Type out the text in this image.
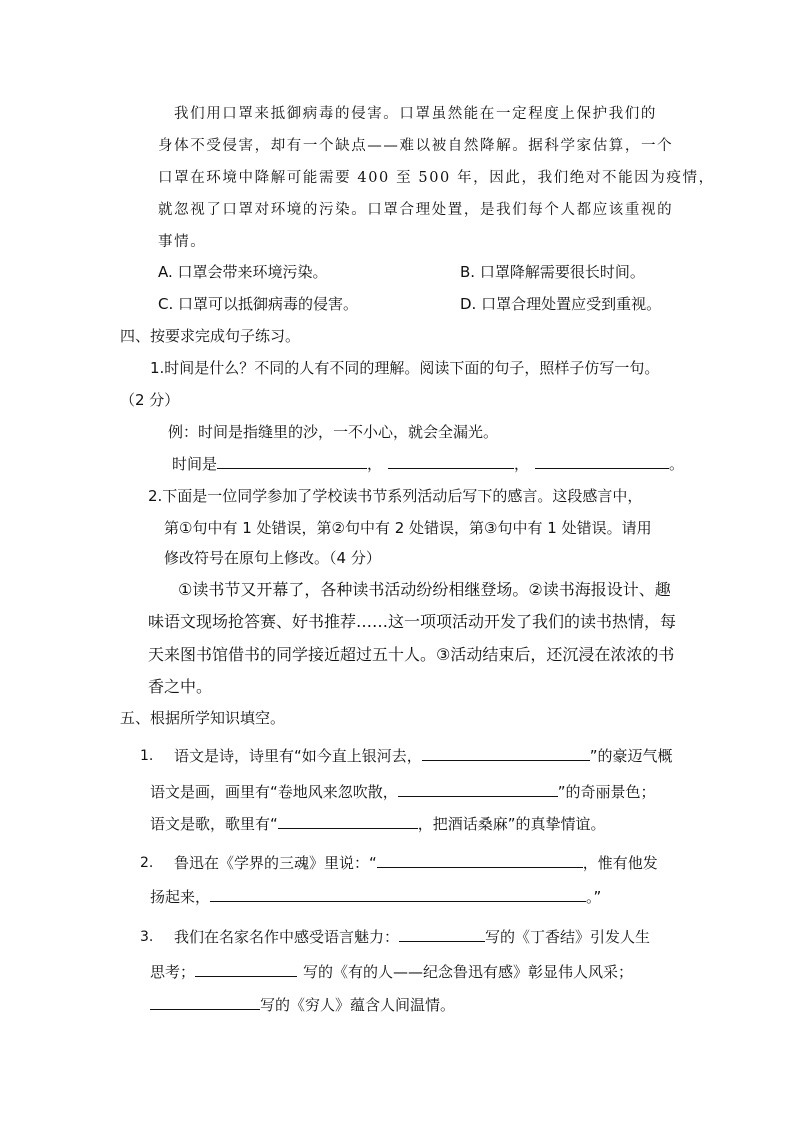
我们用口罩来抵御病毒的侵害。口罩虽然能在一定程度上保护我们的
身体不受侵害，却有一个缺点——难以被自然降解。据科学家估算，一个
口罩在环境中降解可能需要 400 至 500 年，因此，我们绝对不能因为疫情，
就忽视了口罩对环境的污染。口罩合理处置，是我们每个人都应该重视的
事情。
A. 口罩会带来环境污染。	B. 口罩降解需要很长时间。
C. 口罩可以抵御病毒的侵害。	D. 口罩合理处置应受到重视。
四、按要求完成句子练习。
1.时间是什么？不同的人有不同的理解。阅读下面的句子，照样子仿写一句。
（2 分）
例：时间是指缝里的沙，一不小心，就会全漏光。
时间是	，	，	。
2.下面是一位同学参加了学校读书节系列活动后写下的感言。这段感言中，
第①句中有 1 处错误，第②句中有 2 处错误，第③句中有 1 处错误。请用
修改符号在原句上修改。（4 分）
①读书节又开幕了，各种读书活动纷纷相继登场。②读书海报设计、趣
味语文现场抢答赛、好书推荐……这一项项活动开发了我们的读书热情，每
天来图书馆借书的同学接近超过五十人。③活动结束后，还沉浸在浓浓的书
香之中。
五、根据所学知识填空。
1. 语文是诗，诗里有“如今直上银河去，	”的豪迈气概
语文是画，画里有“卷地风来忽吹散，	”的奇丽景色；
语文是歌，歌里有“	，把酒话桑麻”的真挚情谊。
2. 鲁迅在《学界的三魂》里说：“	，惟有他发
扬起来，	。”
3. 我们在名家名作中感受语言魅力：	写的《丁香结》引发人生
思考；	写的《有的人——纪念鲁迅有感》彰显伟人风采；
写的《穷人》蕴含人间温情。
